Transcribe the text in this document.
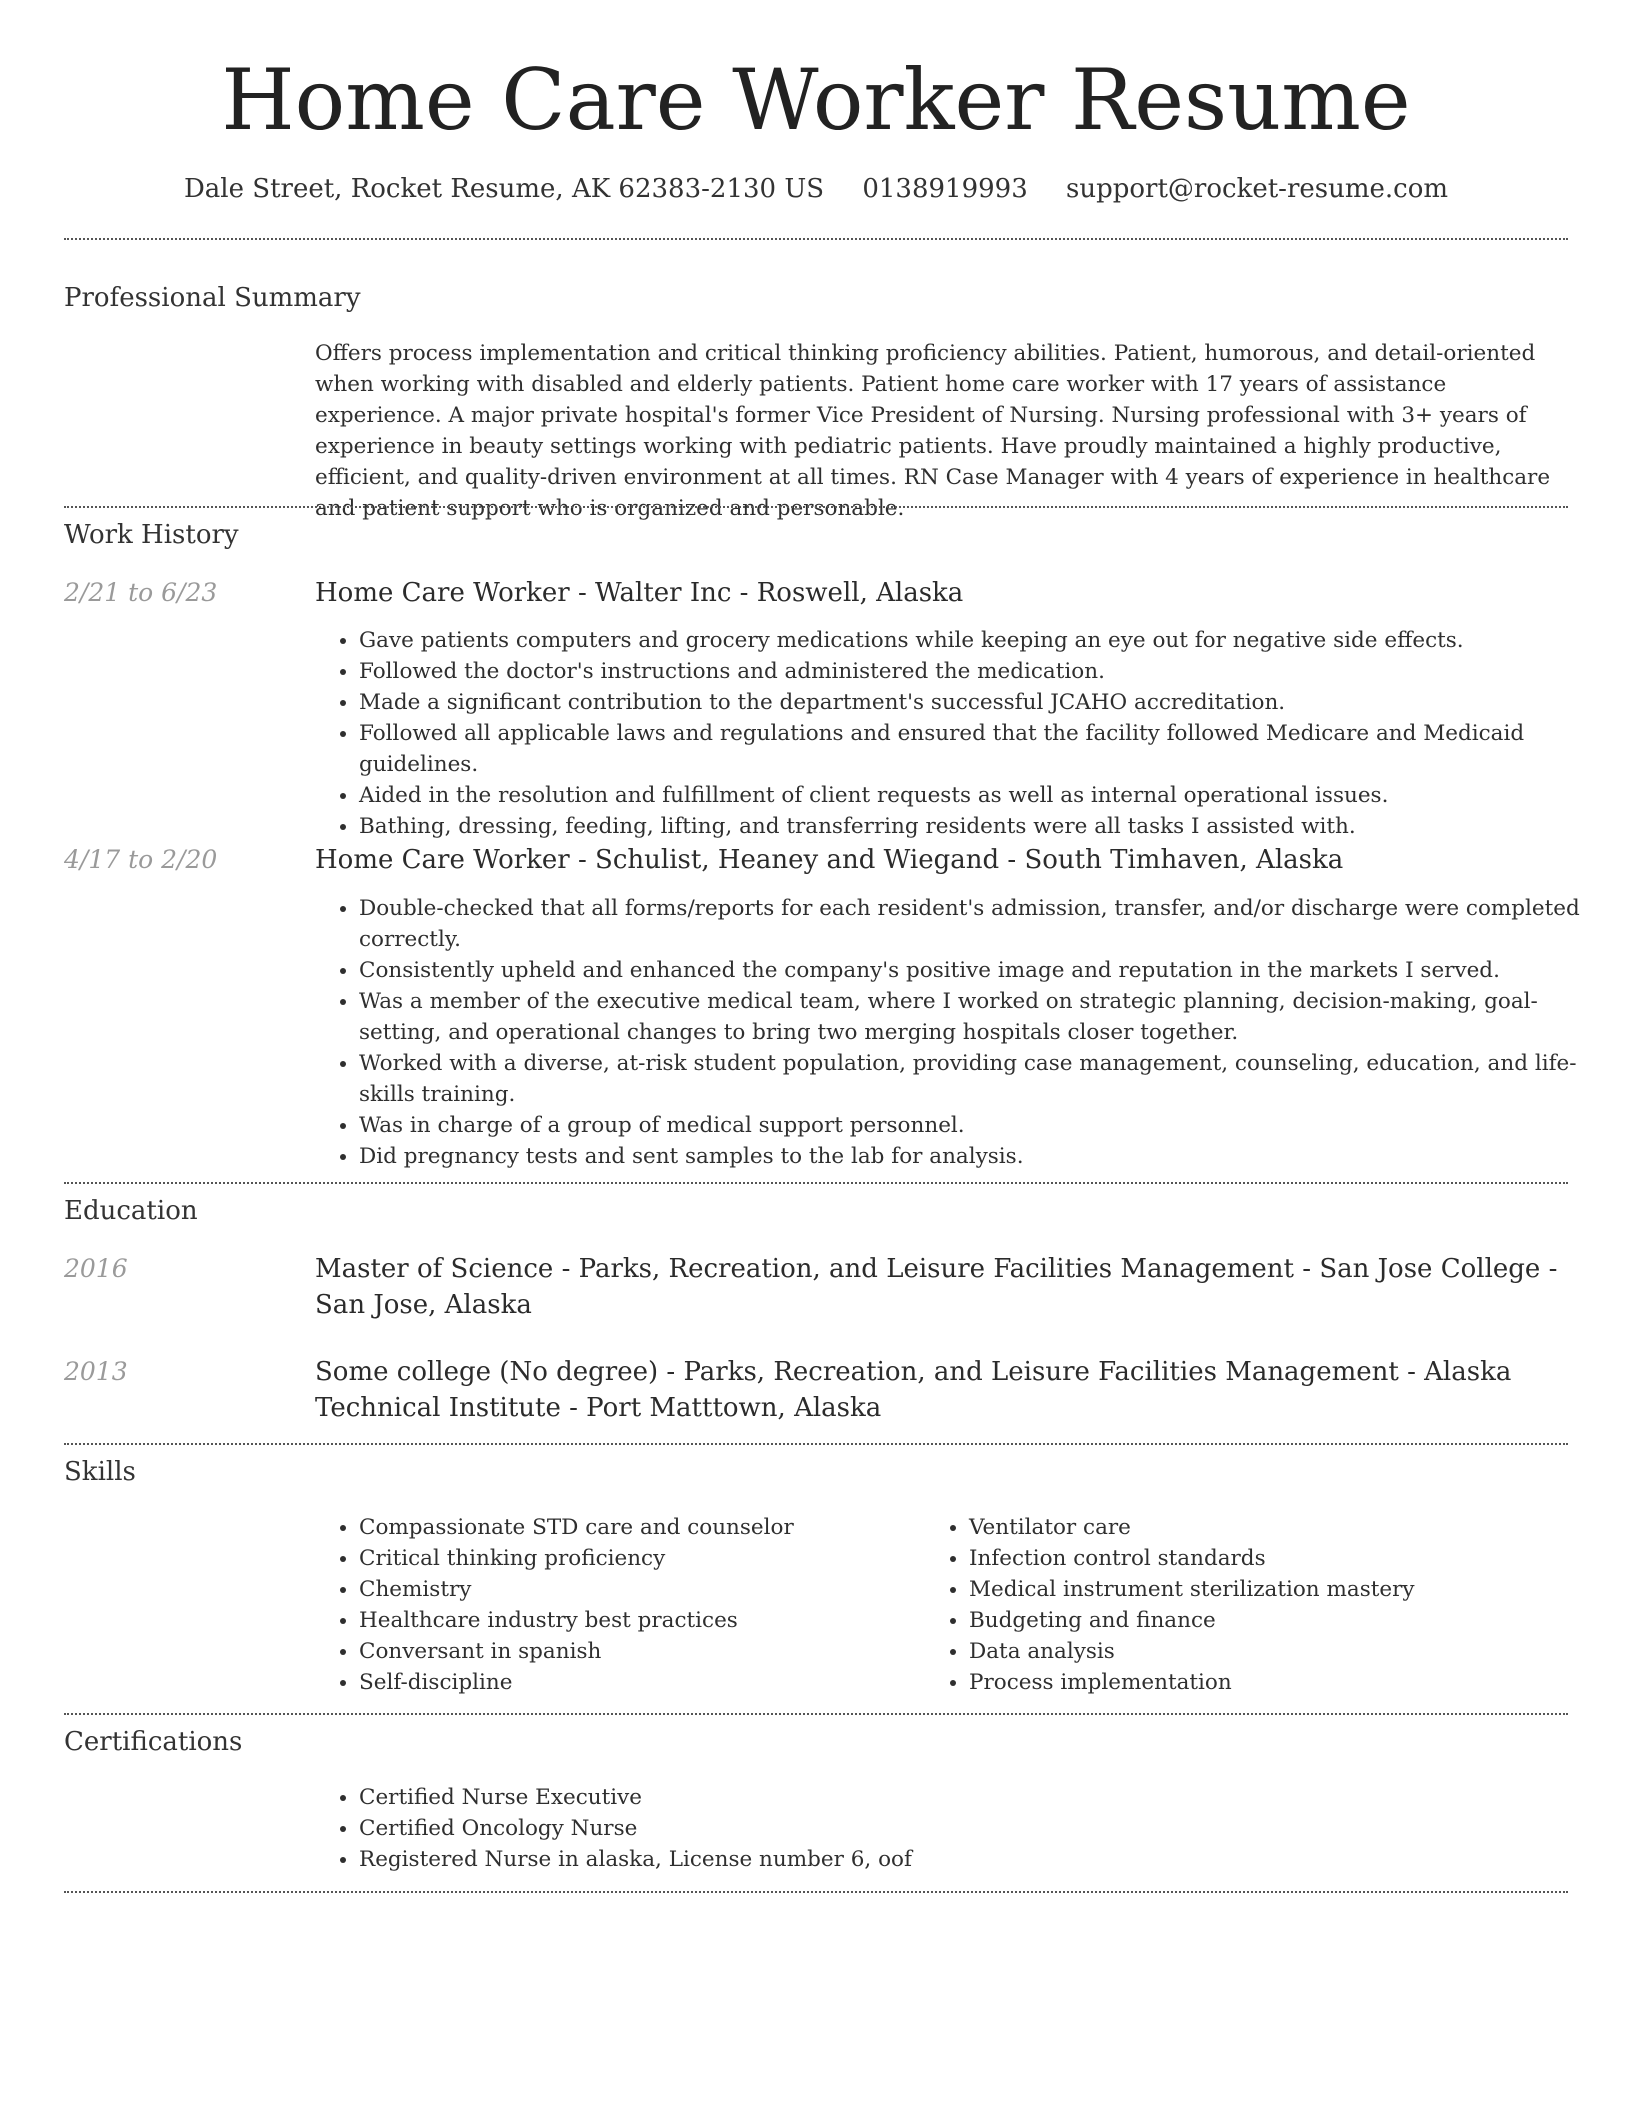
Home Care Worker Resume
Dale Street, Rocket Resume, AK 62383-2130 US 0138919993 support@rocket-resume.com
Professional Summary
Offers process implementation and critical thinking proficiency abilities. Patient, humorous, and detail-oriented when working with disabled and elderly patients. Patient home care worker with 17 years of assistance experience. A major private hospital's former Vice President of Nursing. Nursing professional with 3+ years of experience in beauty settings working with pediatric patients. Have proudly maintained a highly productive, efficient, and quality-driven environment at all times. RN Case Manager with 4 years of experience in healthcare and patient support who is organized and personable.
Work History
2/21 to 6/23	Home Care Worker - Walter Inc - Roswell, Alaska
• Gave patients computers and grocery medications while keeping an eye out for negative side effects.
• Followed the doctor's instructions and administered the medication.
• Made a significant contribution to the department's successful JCAHO accreditation.
• Followed all applicable laws and regulations and ensured that the facility followed Medicare and Medicaid guidelines.
• Aided in the resolution and fulfillment of client requests as well as internal operational issues.
• Bathing, dressing, feeding, lifting, and transferring residents were all tasks I assisted with.
4/17 to 2/20	Home Care Worker - Schulist, Heaney and Wiegand - South Timhaven, Alaska
• Double-checked that all forms/reports for each resident's admission, transfer, and/or discharge were completed correctly.
• Consistently upheld and enhanced the company's positive image and reputation in the markets I served.
• Was a member of the executive medical team, where I worked on strategic planning, decision-making, goal-setting, and operational changes to bring two merging hospitals closer together.
• Worked with a diverse, at-risk student population, providing case management, counseling, education, and life-skills training.
• Was in charge of a group of medical support personnel.
• Did pregnancy tests and sent samples to the lab for analysis.
Education
2016	Master of Science - Parks, Recreation, and Leisure Facilities Management - San Jose College - San Jose, Alaska
2013	Some college (No degree) - Parks, Recreation, and Leisure Facilities Management - Alaska Technical Institute - Port Matttown, Alaska
Skills
• Compassionate STD care and counselor
• Critical thinking proficiency
• Chemistry
• Healthcare industry best practices
• Conversant in spanish
• Self-discipline
• Ventilator care
• Infection control standards
• Medical instrument sterilization mastery
• Budgeting and finance
• Data analysis
• Process implementation
Certifications
• Certified Nurse Executive
• Certified Oncology Nurse
• Registered Nurse in alaska, License number 6, oof
